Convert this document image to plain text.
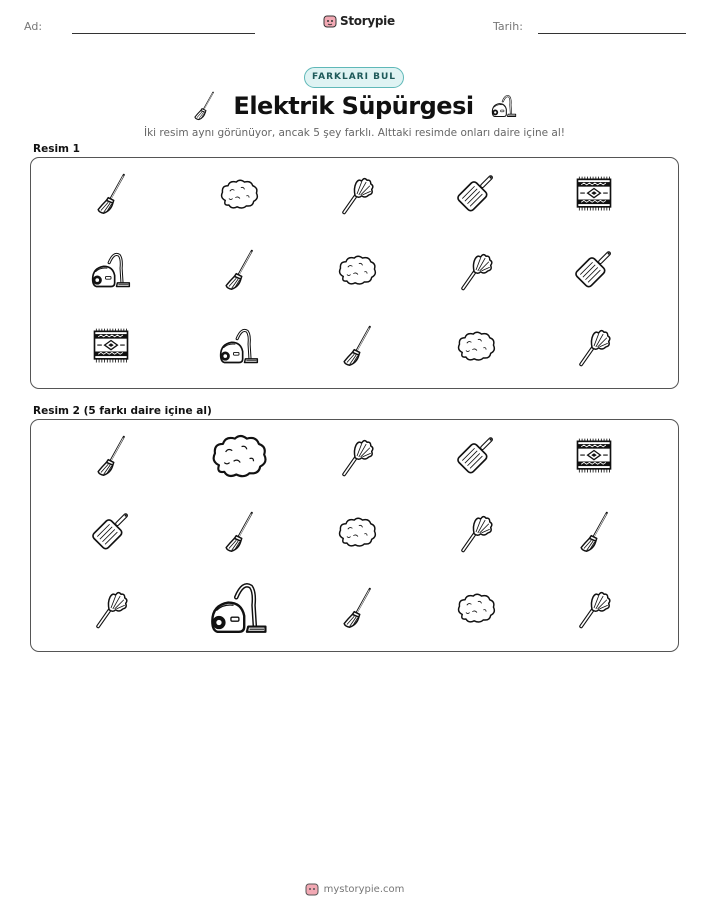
Ad:	Storypie	Tarih:
FARKLARI BUL
Elektrik Süpürgesi
İki resim aynı görünüyor, ancak 5 şey farklı. Alttaki resimde onları daire içine al!
Resim 1
Resim 2 (5 farkı daire içine al)
mystorypie.com
